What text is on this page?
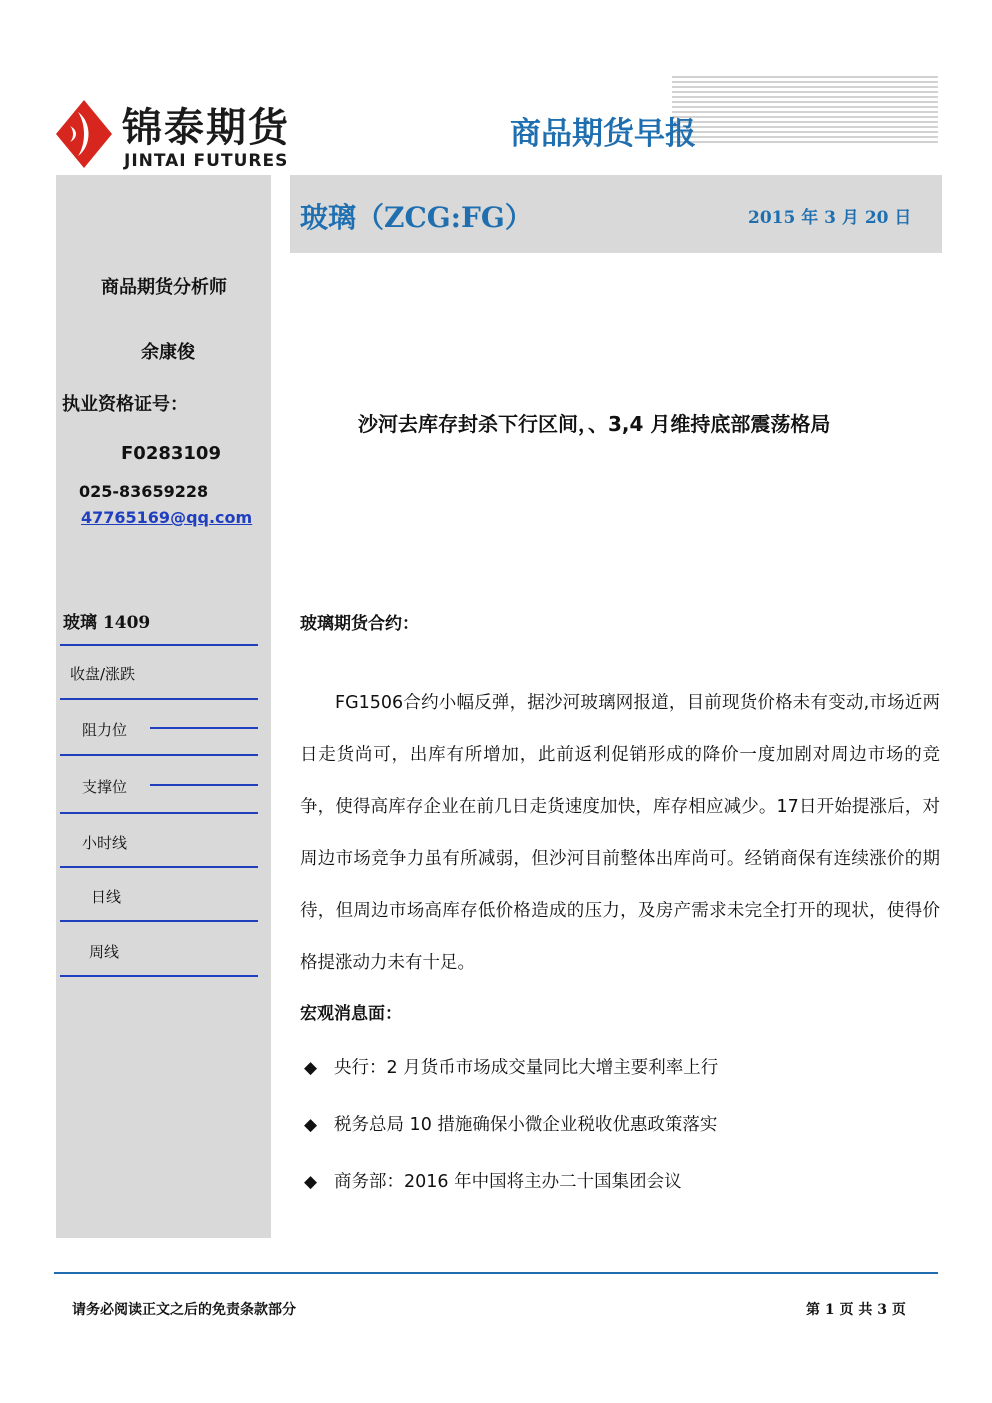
锦泰期货
JINTAI FUTURES
商品期货早报
玻璃（ZCG:FG）	2015 年 3 月 20 日
商品期货分析师
余康俊
执业资格证号：
F0283109
025-83659228
47765169@qq.com
玻璃 1409
收盘/涨跌
阻力位
支撑位
小时线
日线
周线
沙河去库存封杀下行区间，、3,4 月维持底部震荡格局
玻璃期货合约：
FG1506合约小幅反弹，据沙河玻璃网报道，目前现货价格未有变动,市场近两日走货尚可，出库有所增加，此前返利促销形成的降价一度加剧对周边市场的竞争，使得高库存企业在前几日走货速度加快，库存相应减少。17日开始提涨后，对周边市场竞争力虽有所减弱，但沙河目前整体出库尚可。经销商保有连续涨价的期待，但周边市场高库存低价格造成的压力，及房产需求未完全打开的现状，使得价格提涨动力未有十足。
宏观消息面：
◆ 央行：2 月货币市场成交量同比大增主要利率上行
◆ 税务总局 10 措施确保小微企业税收优惠政策落实
◆ 商务部：2016 年中国将主办二十国集团会议
请务必阅读正文之后的免责条款部分	第 1 页 共 3 页
